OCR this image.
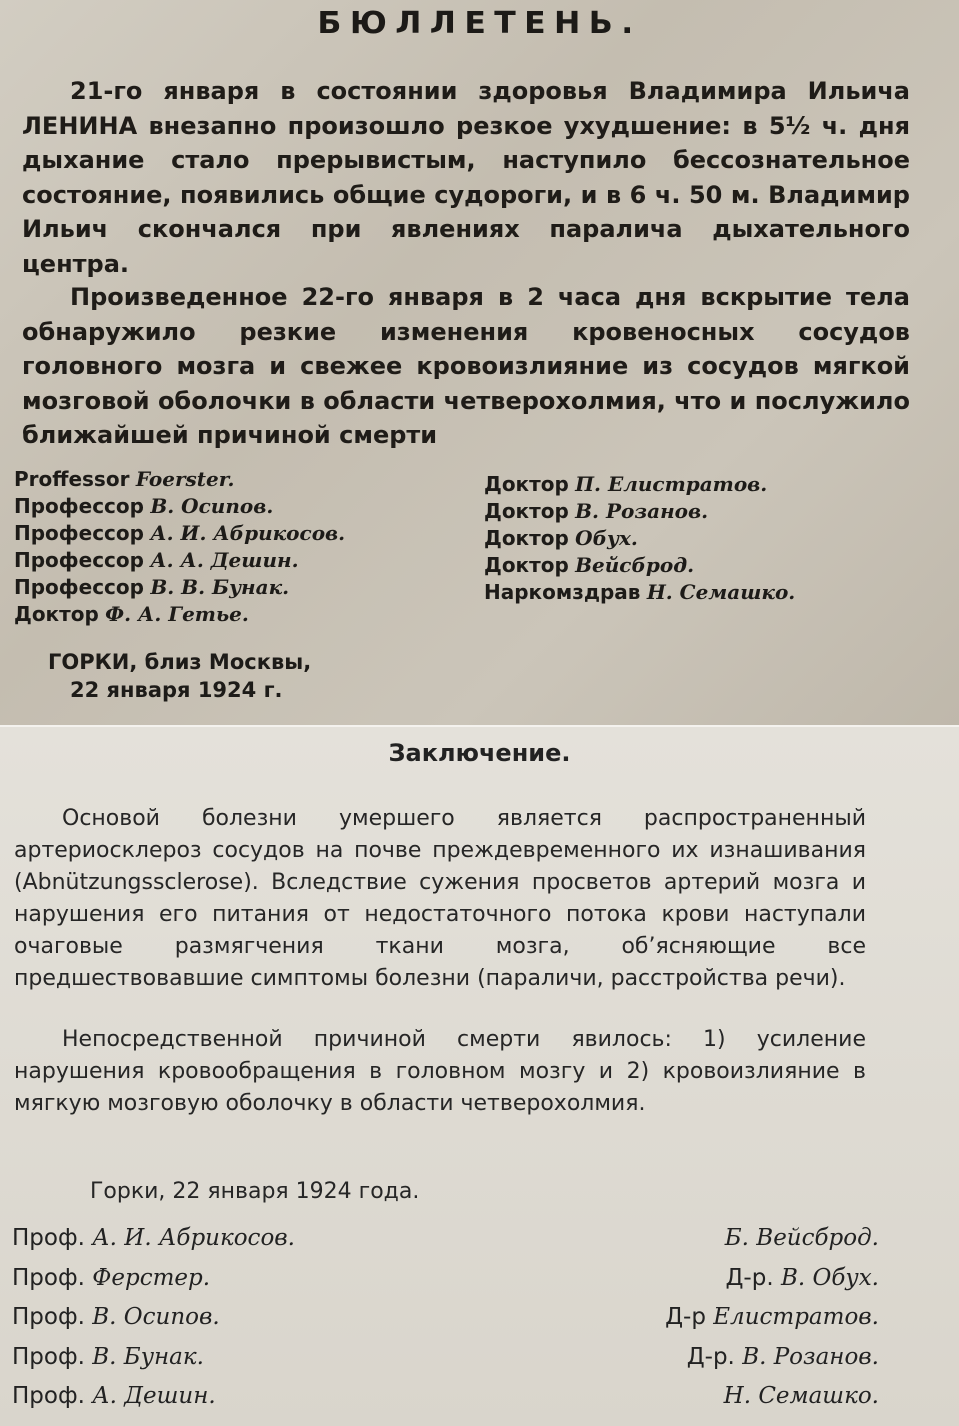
БЮЛЛЕТЕНЬ.
21-го января в состоянии здоровья Владимира Ильича ЛЕНИНА внезапно произошло резкое ухудшение: в 5½ ч. дня дыхание стало прерывистым, наступило бессознательное состояние, появились общие судороги, и в 6 ч. 50 м. Владимир Ильич скончался при явлениях паралича дыхательного центра.
Произведенное 22-го января в 2 часа дня вскрытие тела обнаружило резкие изменения кровеносных сосудов головного мозга и свежее кровоизлияние из сосудов мягкой мозговой оболочки в области четверохолмия, что и послужило ближайшей причиной смерти
Proffessor Foerster.
Профессор В. Осипов.
Профессор А. И. Абрикосов.
Профессор А. А. Дешин.
Профессор В. В. Бунак.
Доктор Ф. А. Гетье.
Доктор П. Елистратов.
Доктор В. Розанов.
Доктор Обух.
Доктор Вейсброд.
Наркомздрав Н. Семашко.
ГОРКИ, близ Москвы,
22 января 1924 г.
Заключение.
Основой болезни умершего является распространенный артериосклероз сосудов на почве преждевременного их изнашивания (Abnützungssclerose). Вследствие сужения просветов артерий мозга и нарушения его питания от недостаточного потока крови наступали очаговые размягчения ткани мозга, об’ясняющие все предшествовавшие симптомы болезни (параличи, расстройства речи).
Непосредственной причиной смерти явилось: 1) усиление нарушения кровообращения в головном мозгу и 2) кровоизлияние в мягкую мозговую оболочку в области четверохолмия.
Горки, 22 января 1924 года.
Проф. А. И. Абрикосов.
Проф. Ферстер.
Проф. В. Осипов.
Проф. В. Бунак.
Проф. А. Дешин.
Б. Вейсброд.
Д-р. В. Обух.
Д-р Елистратов.
Д-р. В. Розанов.
Н. Семашко.
